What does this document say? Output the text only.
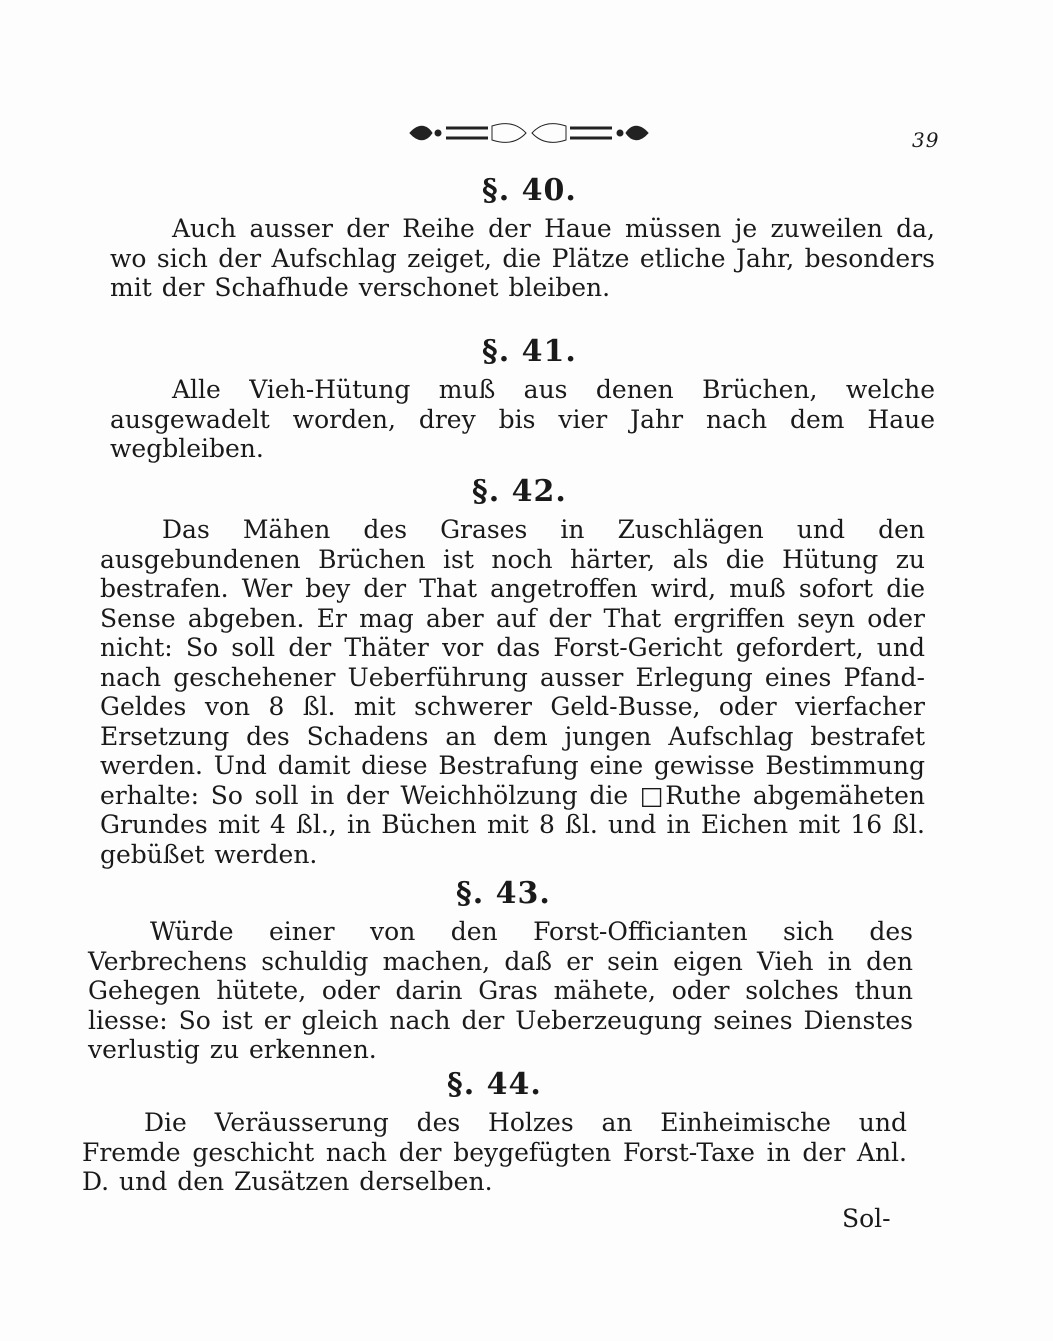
39
§. 40.

Auch ausser der Reihe der Haue müssen je zuweilen da, wo sich der Aufschlag zeiget, die Plätze etliche Jahr, besonders mit der Schafhude verschonet bleiben.

§. 41.

Alle Vieh-Hütung muß aus denen Brüchen, welche ausgewadelt worden, drey bis vier Jahr nach dem Haue wegbleiben.

§. 42.

Das Mähen des Grases in Zuschlägen und den ausgebundenen Brüchen ist noch härter, als die Hütung zu bestrafen. Wer bey der That angetroffen wird, muß sofort die Sense abgeben. Er mag aber auf der That ergriffen seyn oder nicht: So soll der Thäter vor das Forst-Gericht gefordert, und nach geschehener Ueberführung ausser Erlegung eines Pfand-Geldes von 8 ßl. mit schwerer Geld-Busse, oder vierfacher Ersetzung des Schadens an dem jungen Aufschlag bestrafet werden. Und damit diese Bestrafung eine gewisse Bestimmung erhalte: So soll in der Weichhölzung die □Ruthe abgemäheten Grundes mit 4 ßl., in Büchen mit 8 ßl. und in Eichen mit 16 ßl. gebüßet werden.

§. 43.

Würde einer von den Forst-Officianten sich des Verbrechens schuldig machen, daß er sein eigen Vieh in den Gehegen hütete, oder darin Gras mähete, oder solches thun liesse: So ist er gleich nach der Ueberzeugung seines Dienstes verlustig zu erkennen.

§. 44.

Die Veräusserung des Holzes an Einheimische und Fremde geschicht nach der beygefügten Forst-Taxe in der Anl. D. und den Zusätzen derselben.

Sol-
